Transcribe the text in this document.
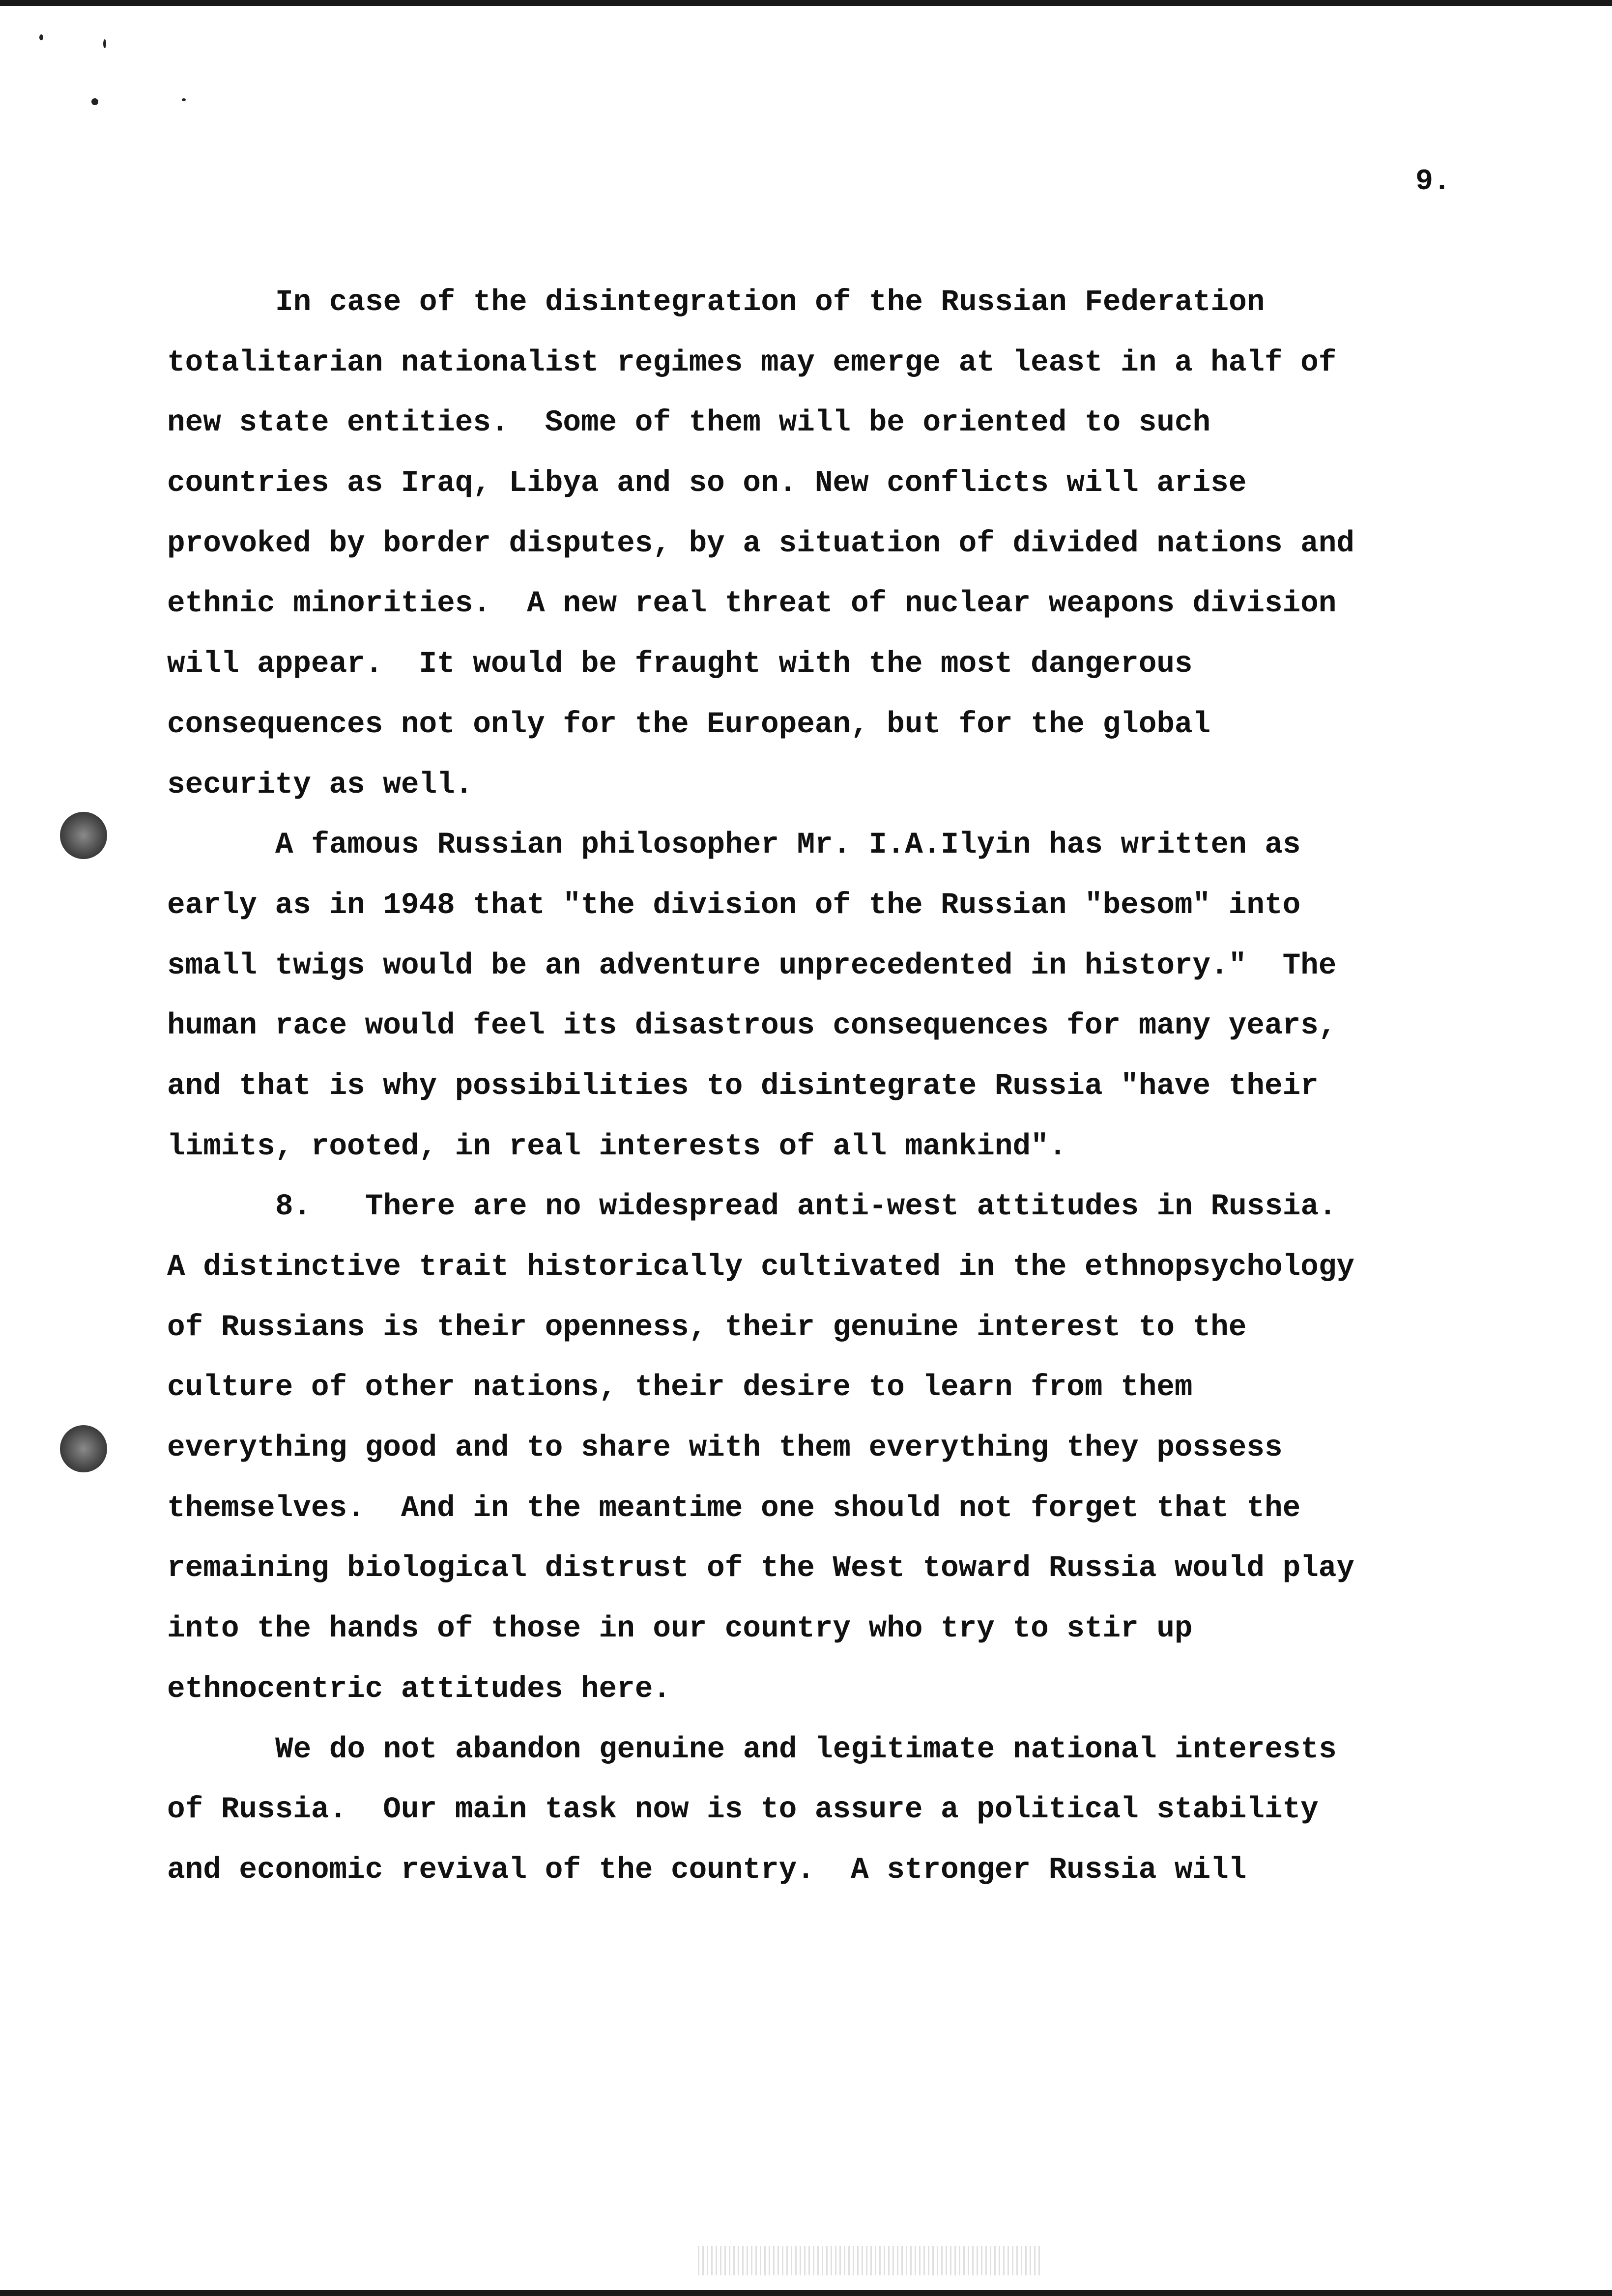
9.
In case of the disintegration of the Russian Federation
totalitarian nationalist regimes may emerge at least in a half of
new state entities.  Some of them will be oriented to such
countries as Iraq, Libya and so on. New conflicts will arise
provoked by border disputes, by a situation of divided nations and
ethnic minorities.  A new real threat of nuclear weapons division
will appear.  It would be fraught with the most dangerous
consequences not only for the European, but for the global
security as well.
A famous Russian philosopher Mr. I.A.Ilyin has written as
early as in 1948 that "the division of the Russian "besom" into
small twigs would be an adventure unprecedented in history."  The
human race would feel its disastrous consequences for many years,
and that is why possibilities to disintegrate Russia "have their
limits, rooted, in real interests of all mankind".
8.   There are no widespread anti-west attitudes in Russia.
A distinctive trait historically cultivated in the ethnopsychology
of Russians is their openness, their genuine interest to the
culture of other nations, their desire to learn from them
everything good and to share with them everything they possess
themselves.  And in the meantime one should not forget that the
remaining biological distrust of the West toward Russia would play
into the hands of those in our country who try to stir up
ethnocentric attitudes here.
We do not abandon genuine and legitimate national interests
of Russia.  Our main task now is to assure a political stability
and economic revival of the country.  A stronger Russia will
